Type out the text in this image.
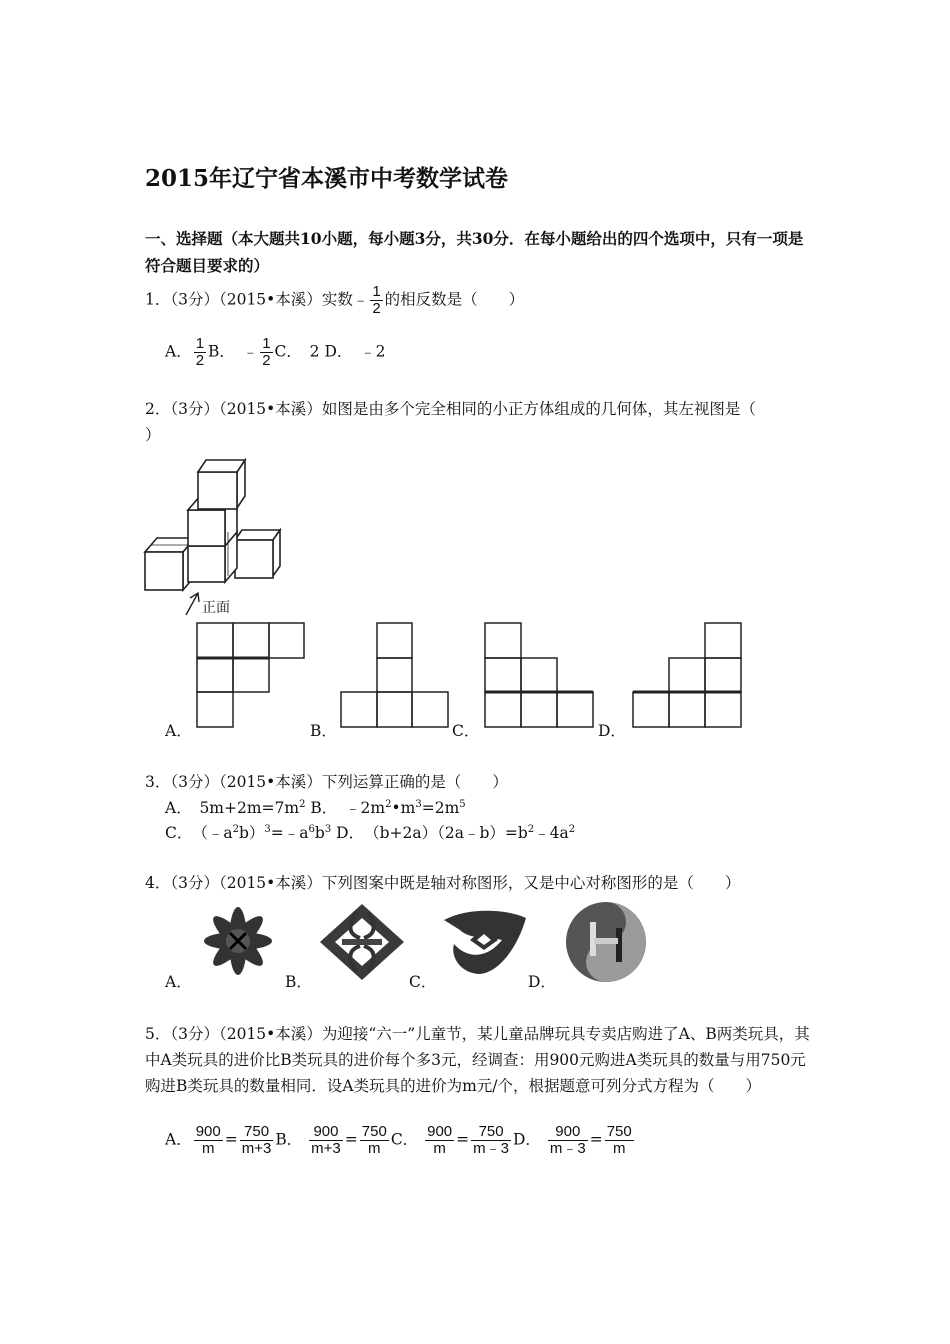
2015年辽宁省本溪市中考数学试卷
一、选择题（本大题共10小题，每小题3分，共30分．在每小题给出的四个选项中，只有一项是符合题目要求的）
1．（3分）（2015•本溪）实数﹣ $\frac{1}{2}$ 的相反数是（　　）
A． $\frac{1}{2}$ B．　﹣ $\frac{1}{2}$ C．　2 D．　﹣2
2．（3分）（2015•本溪）如图是由多个完全相同的小正方体组成的几何体，其左视图是（
）
正面
A．	B．	C．	D．
3．（3分）（2015•本溪）下列运算正确的是（　　）
A．　$5m+2m=7m^2$ B．　$﹣2m^2•m^3=2m^5$
C．　$(﹣a^2b)^3=﹣a^6b^3$ D．　$(b+2a)(2a﹣b)=b^2﹣4a^2$
4．（3分）（2015•本溪）下列图案中既是轴对称图形，又是中心对称图形的是（　　）
A．	B．	C．	D．
5．（3分）（2015•本溪）为迎接“六一”儿童节，某儿童品牌玩具专卖店购进了A、B两类玩具，其中A类玩具的进价比B类玩具的进价每个多3元，经调查：用900元购进A类玩具的数量与用750元购进B类玩具的数量相同．设A类玩具的进价为m元/个，根据题意可列分式方程为（　　）
A． $\frac{900}{m} = \frac{750}{m+3}$ B． $\frac{900}{m+3} = \frac{750}{m}$ C． $\frac{900}{m} = \frac{750}{m﹣3}$ D． $\frac{900}{m﹣3} = \frac{750}{m}$
